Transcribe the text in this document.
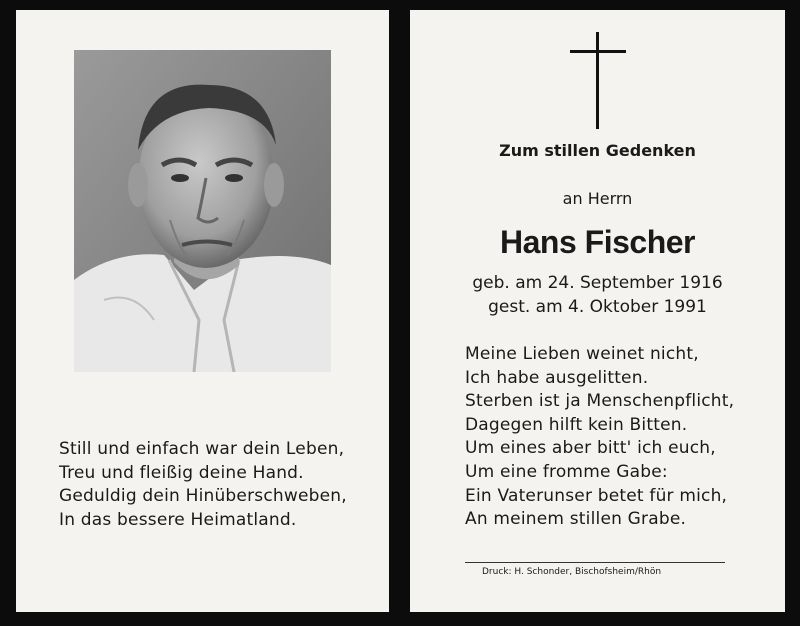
Still und einfach war dein Leben,
Treu und fleißig deine Hand.
Geduldig dein Hinüberschweben,
In das bessere Heimatland.
Zum stillen Gedenken
an Herrn
Hans Fischer
geb. am 24. September 1916
gest. am 4. Oktober 1991
Meine Lieben weinet nicht,
Ich habe ausgelitten.
Sterben ist ja Menschenpflicht,
Dagegen hilft kein Bitten.
Um eines aber bitt' ich euch,
Um eine fromme Gabe:
Ein Vaterunser betet für mich,
An meinem stillen Grabe.
Druck: H. Schonder, Bischofsheim/Rhön
